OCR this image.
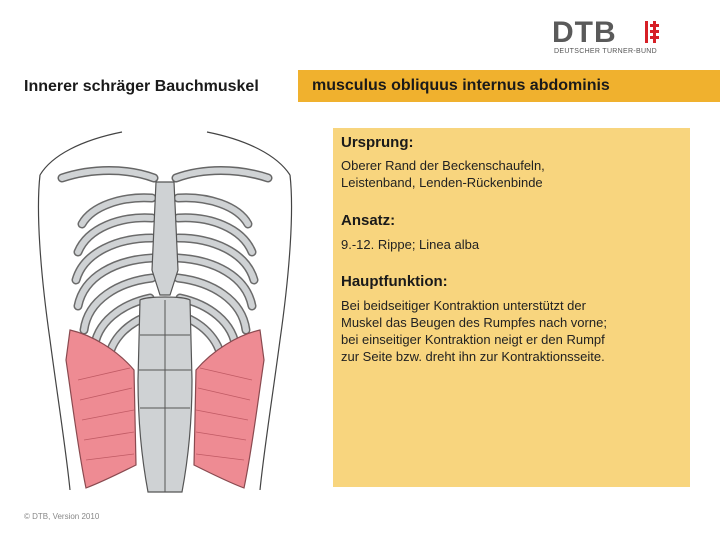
DTB
DEUTSCHER TURNER-BUND
Innerer schräger Bauchmuskel	musculus obliquus internus abdominis
Ursprung:
Oberer Rand der Beckenschaufeln,
Leistenband, Lenden-Rückenbinde
Ansatz:
9.-12. Rippe; Linea alba
Hauptfunktion:
Bei beidseitiger Kontraktion unterstützt der
Muskel das Beugen des Rumpfes nach vorne;
bei einseitiger Kontraktion neigt er den Rumpf
zur Seite bzw. dreht ihn zur Kontraktionsseite.
© DTB, Version 2010
